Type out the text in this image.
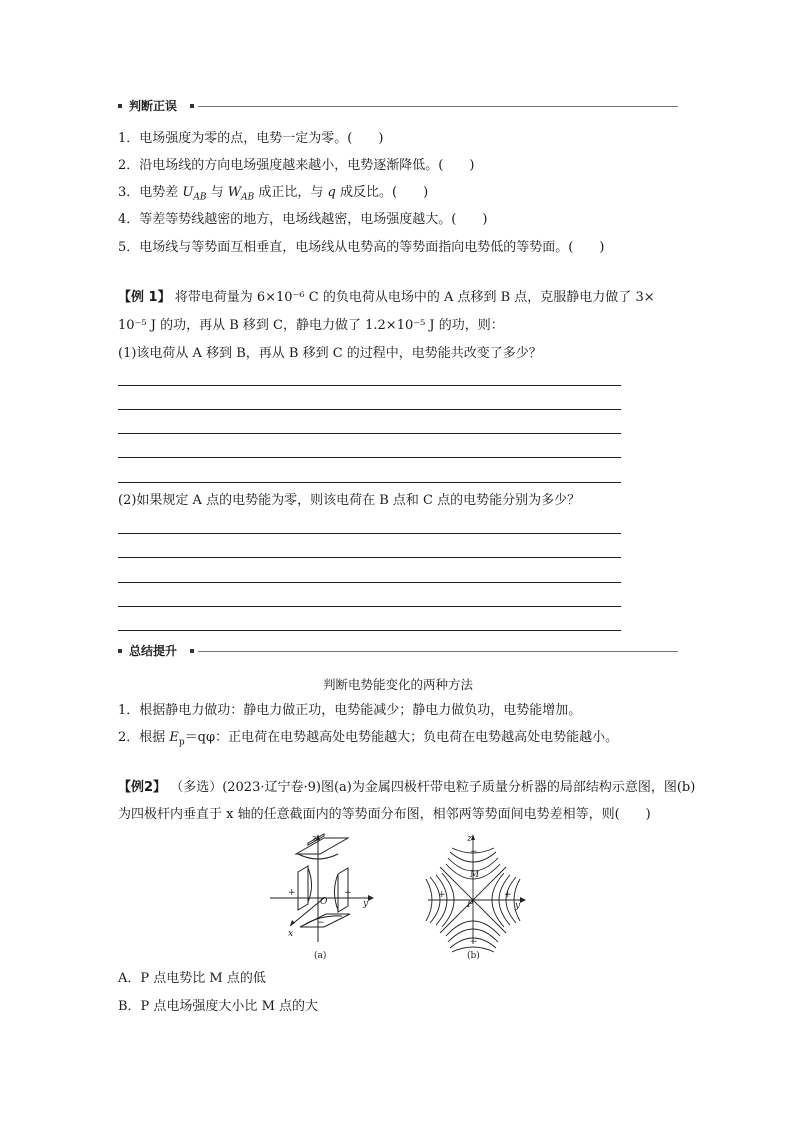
判断正误
1．电场强度为零的点，电势一定为零。(　　)
2．沿电场线的方向电场强度越来越小，电势逐渐降低。(　　)
3．电势差 $U_{AB}$ 与 $W_{AB}$ 成正比，与 q 成反比。(　　)
4．等差等势线越密的地方，电场线越密，电场强度越大。(　　)
5．电场线与等势面互相垂直，电场线从电势高的等势面指向电势低的等势面。(　　)
【例 1】 将带电荷量为 6×10⁻⁶ C 的负电荷从电场中的 A 点移到 B 点，克服静电力做了 3×
10⁻⁵ J 的功，再从 B 移到 C，静电力做了 1.2×10⁻⁵ J 的功，则：
(1)该电荷从 A 移到 B，再从 B 移到 C 的过程中，电势能共改变了多少？
(2)如果规定 A 点的电势能为零，则该电荷在 B 点和 C 点的电势能分别为多少？
总结提升
判断电势能变化的两种方法
1．根据静电力做功：静电力做正功，电势能减少；静电力做负功，电势能增加。
2．根据 $E_p=q\varphi$：正电荷在电势越高处电势能越大；负电荷在电势越高处电势能越小。
【例2】 （多选）(2023·辽宁卷·9)图(a)为金属四极杆带电粒子质量分析器的局部结构示意图，图(b)
为四极杆内垂直于 x 轴的任意截面内的等势面分布图，相邻两等势面间电势差相等，则(　　)
z
y
x
O
+	+
−
−
(a)
z
y
P
M
+	+
−
−
(b)
A．P 点电势比 M 点的低
B．P 点电场强度大小比 M 点的大
